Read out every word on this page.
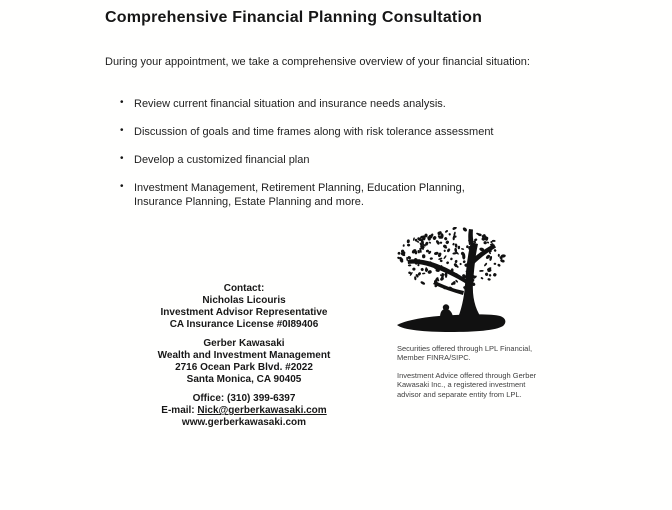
Comprehensive Financial Planning Consultation

During your appointment, we take a comprehensive overview of your financial situation:

• Review current financial situation and insurance needs analysis.
• Discussion of goals and time frames along with risk tolerance assessment
• Develop a customized financial plan
• Investment Management, Retirement Planning, Education Planning, Insurance Planning, Estate Planning and more.
Contact:
Nicholas Licouris
Investment Advisor Representative
CA Insurance License #0I89406
Gerber Kawasaki
Wealth and Investment Management
2716 Ocean Park Blvd. #2022
Santa Monica, CA 90405
Office: (310) 399-6397
E-mail: Nick@gerberkawasaki.com
www.gerberkawasaki.com

Securities offered through LPL Financial, Member FINRA/SIPC.

Investment Advice offered through Gerber Kawasaki Inc., a registered investment advisor and separate entity from LPL.
